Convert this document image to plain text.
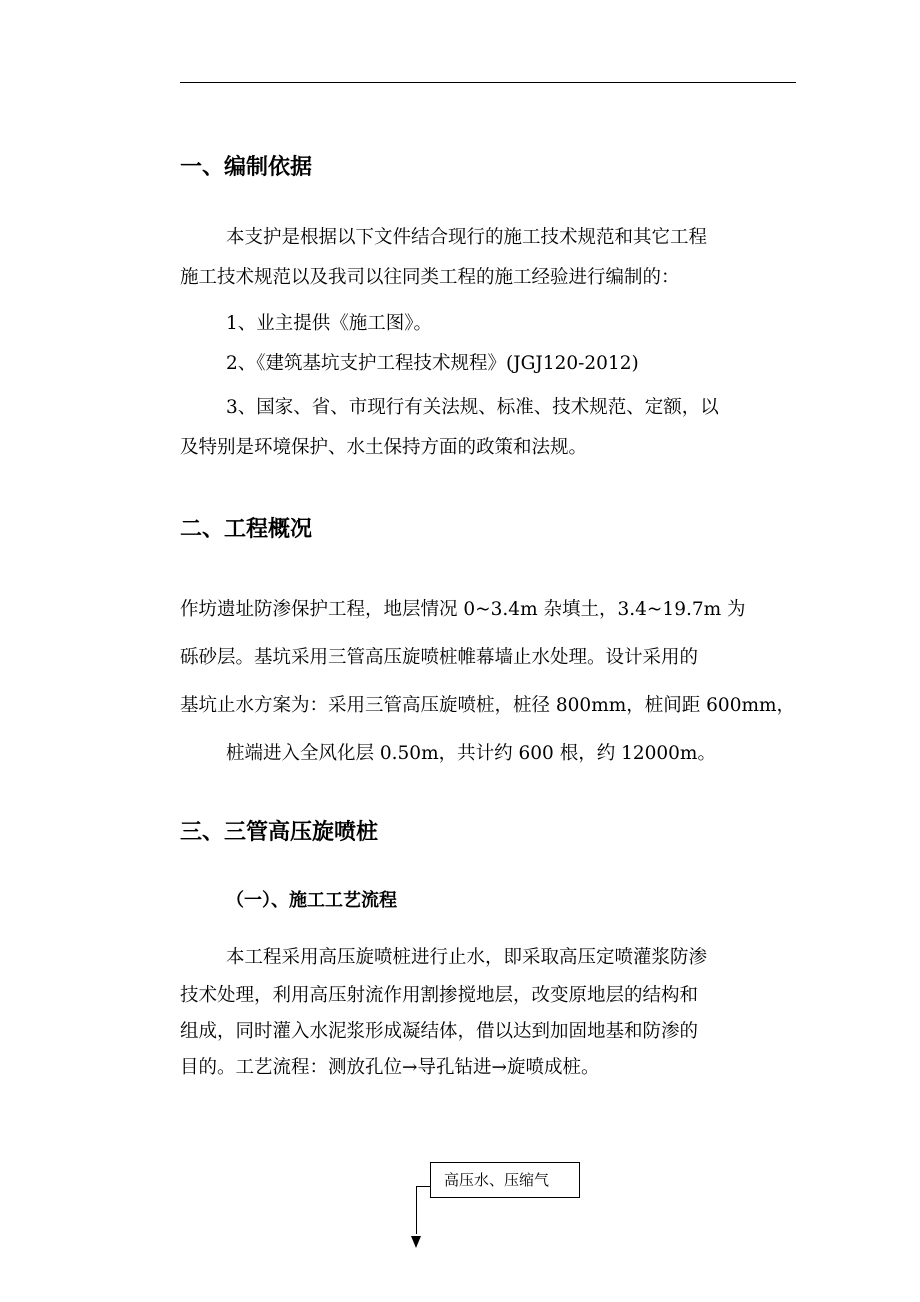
一、编制依据
本支护是根据以下文件结合现行的施工技术规范和其它工程
施工技术规范以及我司以往同类工程的施工经验进行编制的：
1、业主提供《施工图》。
2、《建筑基坑支护工程技术规程》(JGJ120-2012)
3、国家、省、市现行有关法规、标准、技术规范、定额，以
及特别是环境保护、水土保持方面的政策和法规。
二、工程概况
作坊遗址防渗保护工程，地层情况 0~3.4m 杂填土，3.4~19.7m 为
砾砂层。基坑采用三管高压旋喷桩帷幕墙止水处理。设计采用的
基坑止水方案为：采用三管高压旋喷桩，桩径 800mm，桩间距 600mm，
桩端进入全风化层 0.50m，共计约 600 根，约 12000m。
三、三管高压旋喷桩
（一）、施工工艺流程
本工程采用高压旋喷桩进行止水，即采取高压定喷灌浆防渗
技术处理，利用高压射流作用割掺搅地层，改变原地层的结构和
组成，同时灌入水泥浆形成凝结体，借以达到加固地基和防渗的
目的。工艺流程：测放孔位→导孔钻进→旋喷成桩。
高压水、压缩气
